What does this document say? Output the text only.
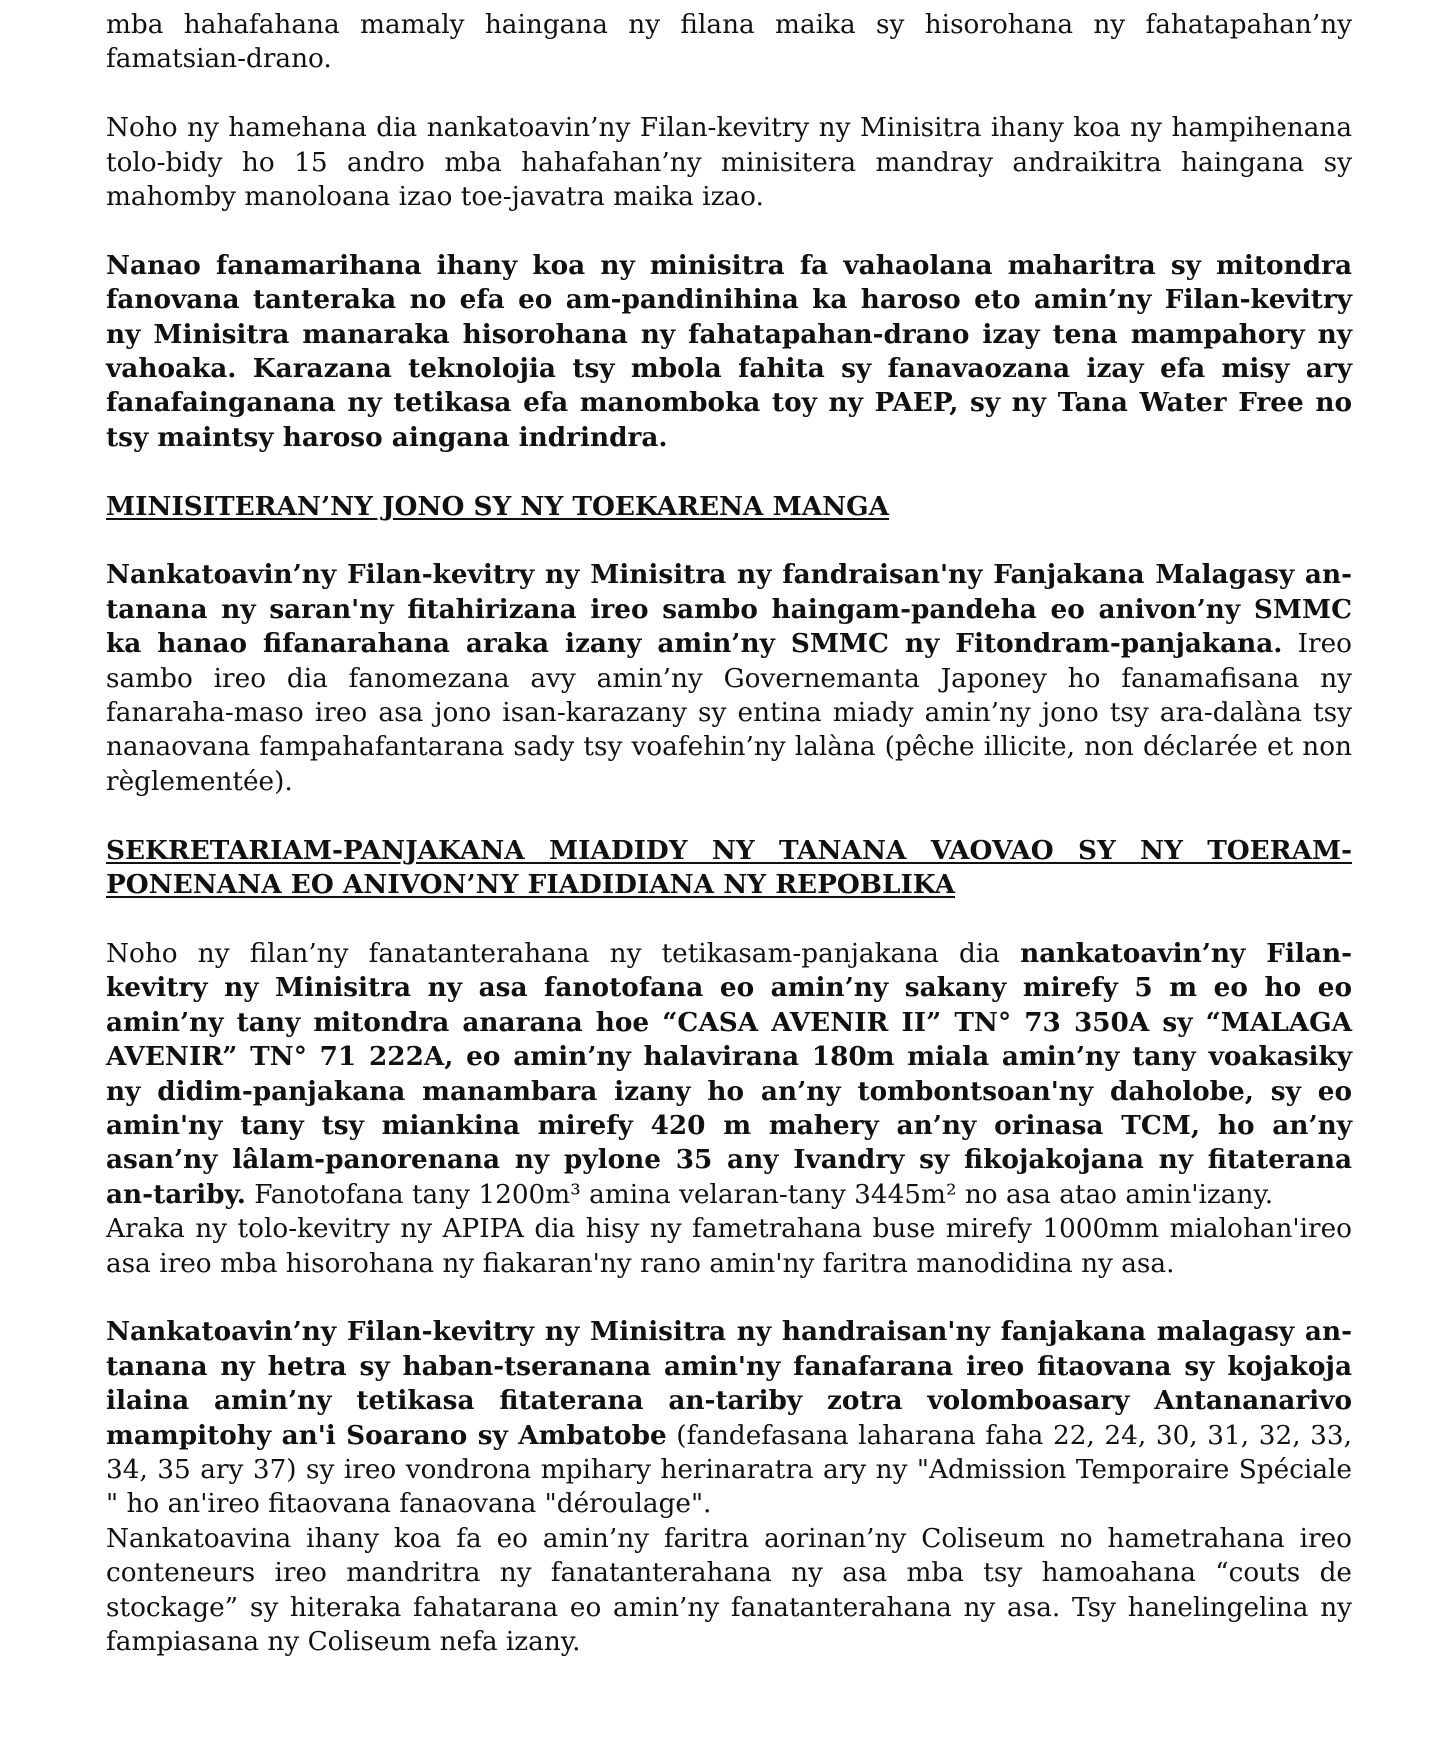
mba hahafahana mamaly haingana ny filana maika sy hisorohana ny fahatapahan’ny famatsian-drano.

Noho ny hamehana dia nankatoavin’ny Filan-kevitry ny Minisitra ihany koa ny hampihenana tolo-bidy ho 15 andro mba hahafahan’ny minisitera mandray andraikitra haingana sy mahomby manoloana izao toe-javatra maika izao.

Nanao fanamarihana ihany koa ny minisitra fa vahaolana maharitra sy mitondra fanovana tanteraka no efa eo am-pandinihina ka haroso eto amin’ny Filan-kevitry ny Minisitra manaraka hisorohana ny fahatapahan-drano izay tena mampahory ny vahoaka. Karazana teknolojia tsy mbola fahita sy fanavaozana izay efa misy ary fanafainganana ny tetikasa efa manomboka toy ny PAEP, sy ny Tana Water Free no tsy maintsy haroso aingana indrindra.

MINISITERAN’NY JONO SY NY TOEKARENA MANGA

Nankatoavin’ny Filan-kevitry ny Minisitra ny fandraisan'ny Fanjakana Malagasy an-tanana ny saran'ny fitahirizana ireo sambo haingam-pandeha eo anivon’ny SMMC ka hanao fifanarahana araka izany amin’ny SMMC ny Fitondram-panjakana. Ireo sambo ireo dia fanomezana avy amin’ny Governemanta Japoney ho fanamafisana ny fanaraha-maso ireo asa jono isan-karazany sy entina miady amin’ny jono tsy ara-dalàna tsy nanaovana fampahafantarana sady tsy voafehin’ny lalàna (pêche illicite, non déclarée et non règlementée).

SEKRETARIAM-PANJAKANA MIADIDY NY TANANA VAOVAO SY NY TOERAM-PONENANA EO ANIVON’NY FIADIDIANA NY REPOBLIKA

Noho ny filan’ny fanatanterahana ny tetikasam-panjakana dia nankatoavin’ny Filan-kevitry ny Minisitra ny asa fanotofana eo amin’ny sakany mirefy 5 m eo ho eo amin’ny tany mitondra anarana hoe “CASA AVENIR II” TN° 73 350A sy “MALAGA AVENIR” TN° 71 222A, eo amin’ny halavirana 180m miala amin’ny tany voakasiky ny didim-panjakana manambara izany ho an’ny tombontsoan'ny daholobe, sy eo amin'ny tany tsy miankina mirefy 420 m mahery an’ny orinasa TCM, ho an’ny asan’ny lâlam-panorenana ny pylone 35 any Ivandry sy fikojakojana ny fitaterana an-tariby. Fanotofana tany 1200m³ amina velaran-tany 3445m² no asa atao amin'izany.

Araka ny tolo-kevitry ny APIPA dia hisy ny fametrahana buse mirefy 1000mm mialohan'ireo asa ireo mba hisorohana ny fiakaran'ny rano amin'ny faritra manodidina ny asa.

Nankatoavin’ny Filan-kevitry ny Minisitra ny handraisan'ny fanjakana malagasy an-tanana ny hetra sy haban-tseranana amin'ny fanafarana ireo fitaovana sy kojakoja ilaina amin’ny tetikasa fitaterana an-tariby zotra volomboasary Antananarivo mampitohy an'i Soarano sy Ambatobe (fandefasana laharana faha 22, 24, 30, 31, 32, 33, 34, 35 ary 37) sy ireo vondrona mpihary herinaratra ary ny "Admission Temporaire Spéciale " ho an'ireo fitaovana fanaovana "déroulage".

Nankatoavina ihany koa fa eo amin’ny faritra aorinan’ny Coliseum no hametrahana ireo conteneurs ireo mandritra ny fanatanterahana ny asa mba tsy hamoahana “couts de stockage” sy hiteraka fahatarana eo amin’ny fanatanterahana ny asa. Tsy hanelingelina ny fampiasana ny Coliseum nefa izany.
